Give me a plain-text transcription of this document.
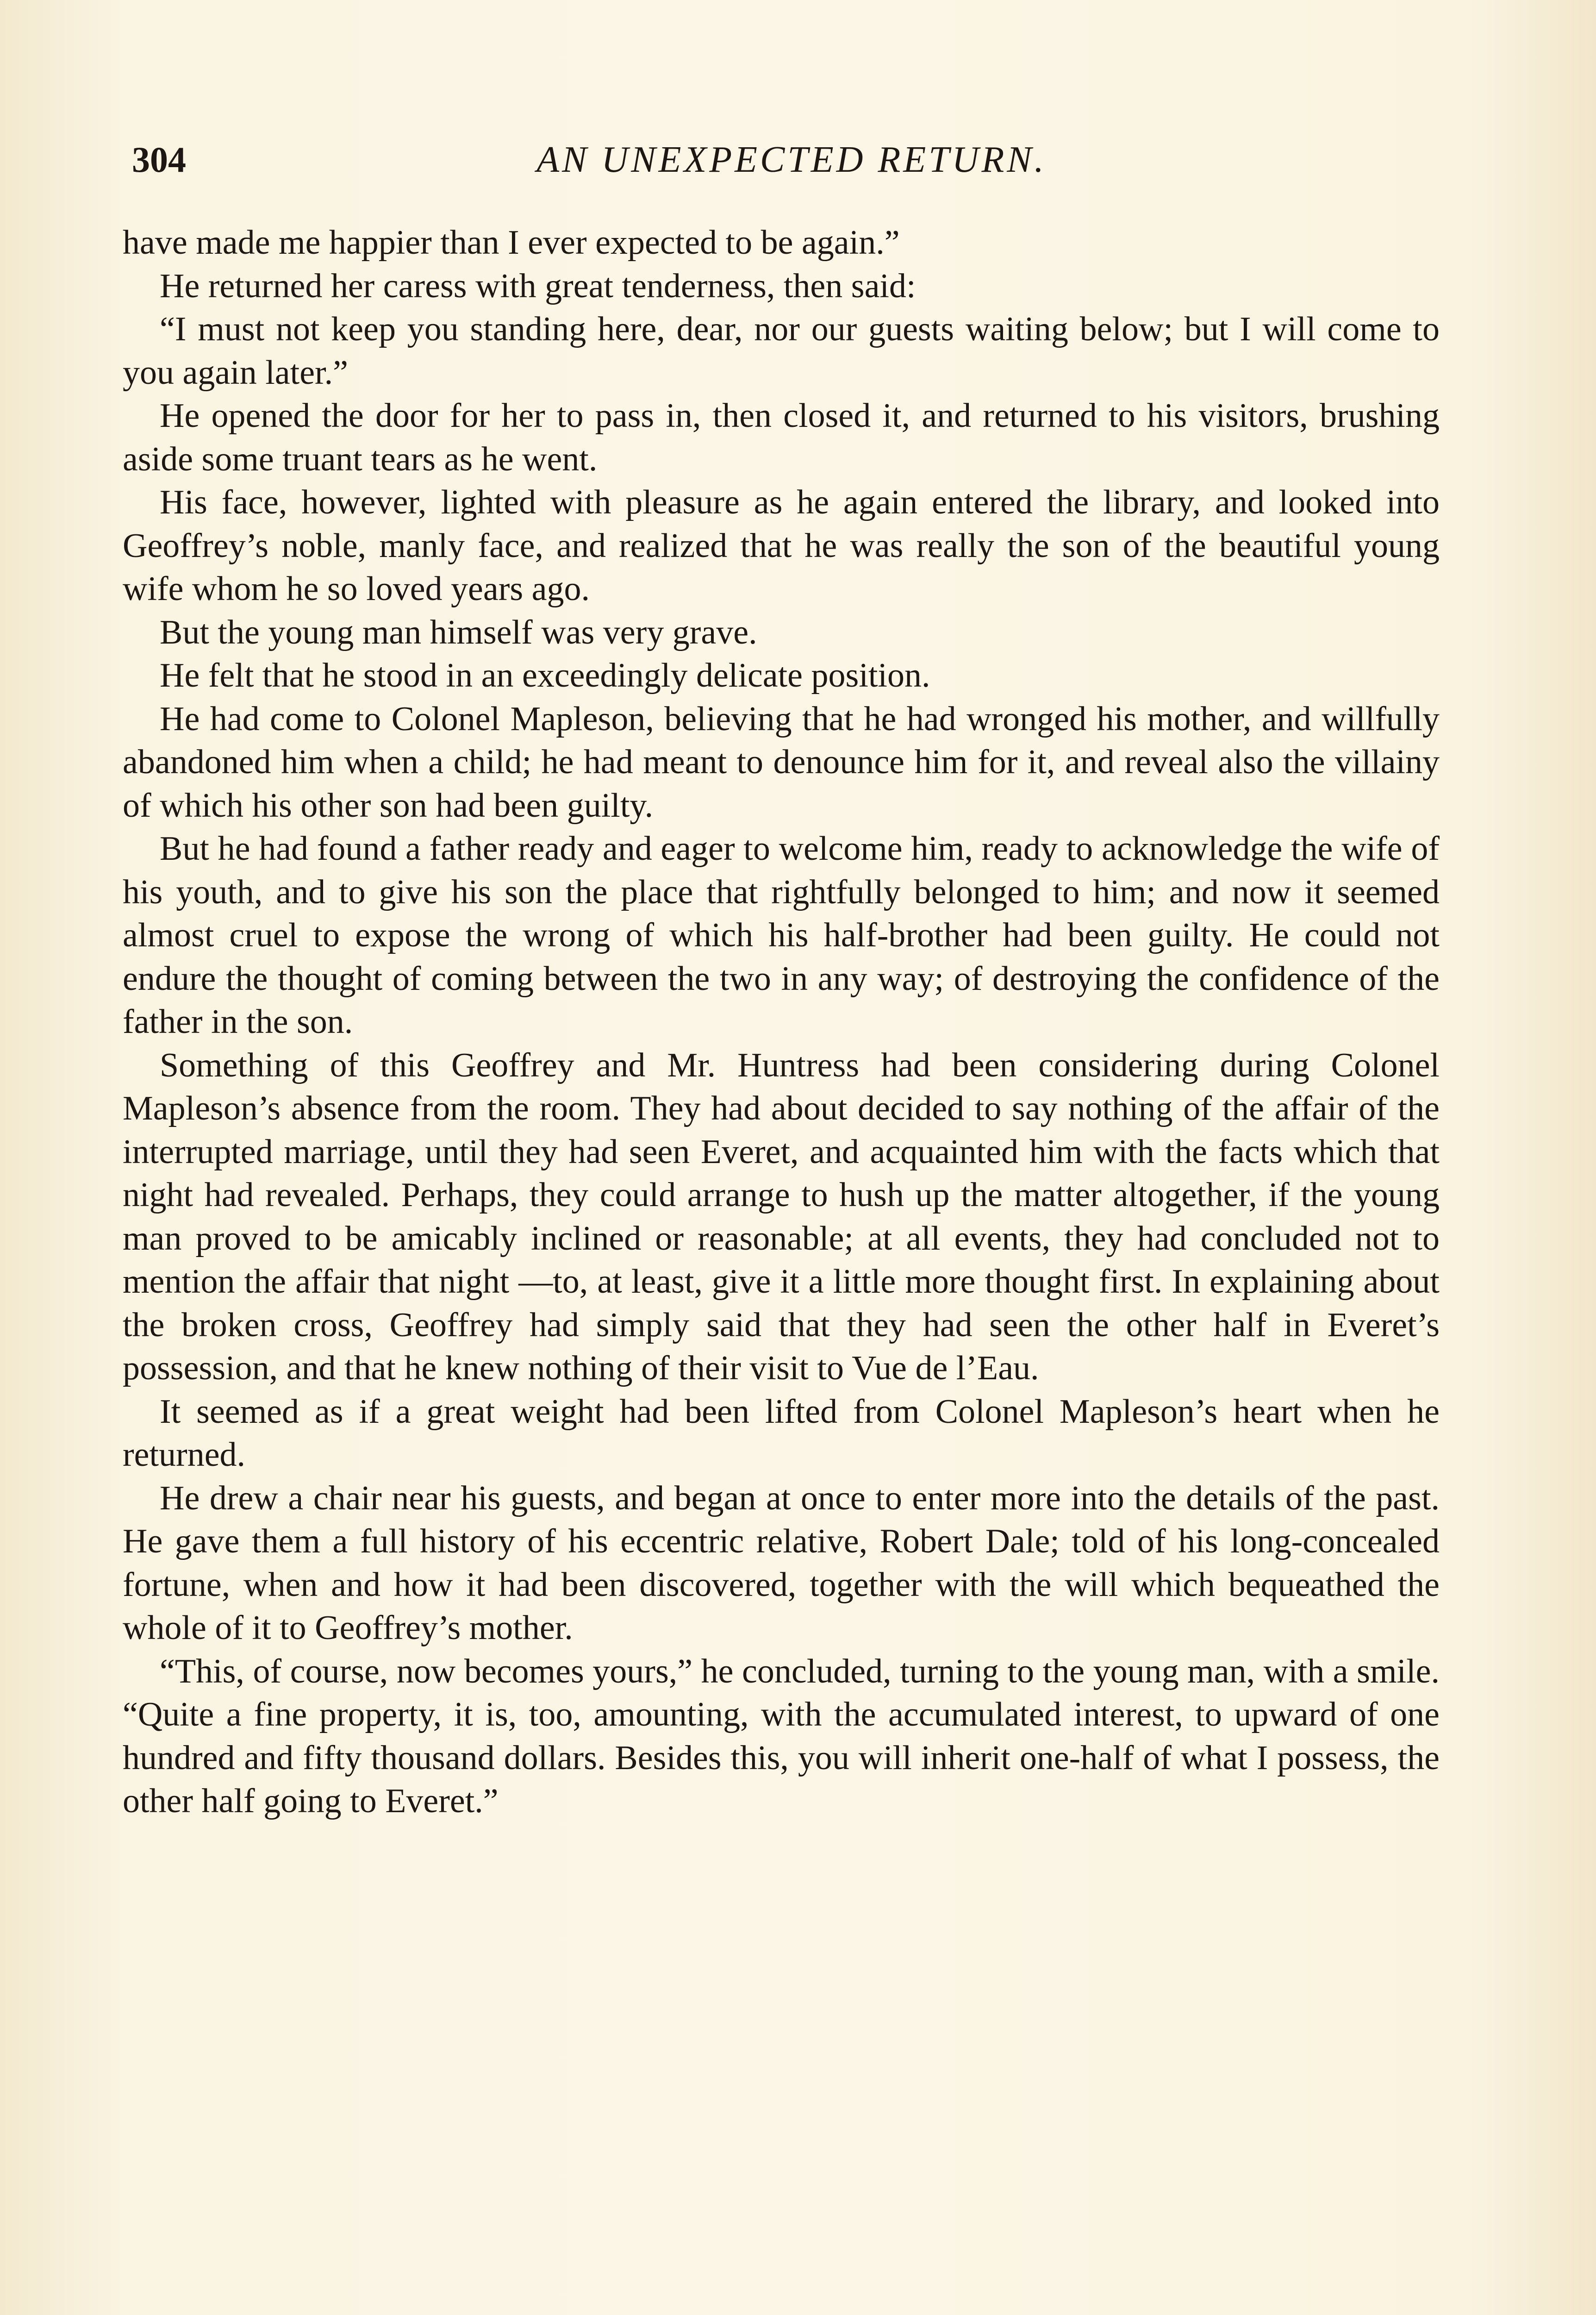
304	AN UNEXPECTED RETURN.

have made me happier than I ever expected to be again.”

He returned her caress with great tenderness, then said:

“I must not keep you standing here, dear, nor our guests waiting below; but I will come to you again later.”

He opened the door for her to pass in, then closed it, and returned to his visitors, brushing aside some truant tears as he went.

His face, however, lighted with pleasure as he again entered the library, and looked into Geoffrey’s noble, manly face, and realized that he was really the son of the beautiful young wife whom he so loved years ago.

But the young man himself was very grave.

He felt that he stood in an exceedingly delicate position.

He had come to Colonel Mapleson, believing that he had wronged his mother, and willfully abandoned him when a child; he had meant to denounce him for it, and reveal also the villainy of which his other son had been guilty.

But he had found a father ready and eager to welcome him, ready to acknowledge the wife of his youth, and to give his son the place that rightfully belonged to him; and now it seemed almost cruel to expose the wrong of which his half-brother had been guilty. He could not endure the thought of coming between the two in any way; of destroying the confidence of the father in the son.

Something of this Geoffrey and Mr. Huntress had been considering during Colonel Mapleson’s absence from the room. They had about decided to say nothing of the affair of the interrupted marriage, until they had seen Everet, and acquainted him with the facts which that night had revealed. Perhaps, they could arrange to hush up the matter altogether, if the young man proved to be amicably inclined or reasonable; at all events, they had concluded not to mention the affair that night —to, at least, give it a little more thought first. In explaining about the broken cross, Geoffrey had simply said that they had seen the other half in Everet’s possession, and that he knew nothing of their visit to Vue de l’Eau.

It seemed as if a great weight had been lifted from Colonel Mapleson’s heart when he returned.

He drew a chair near his guests, and began at once to enter more into the details of the past. He gave them a full history of his eccentric relative, Robert Dale; told of his long-concealed fortune, when and how it had been discovered, together with the will which bequeathed the whole of it to Geoffrey’s mother.

“This, of course, now becomes yours,” he concluded, turning to the young man, with a smile. “Quite a fine property, it is, too, amounting, with the accumulated interest, to upward of one hundred and fifty thousand dollars. Besides this, you will inherit one-half of what I possess, the other half going to Everet.”
